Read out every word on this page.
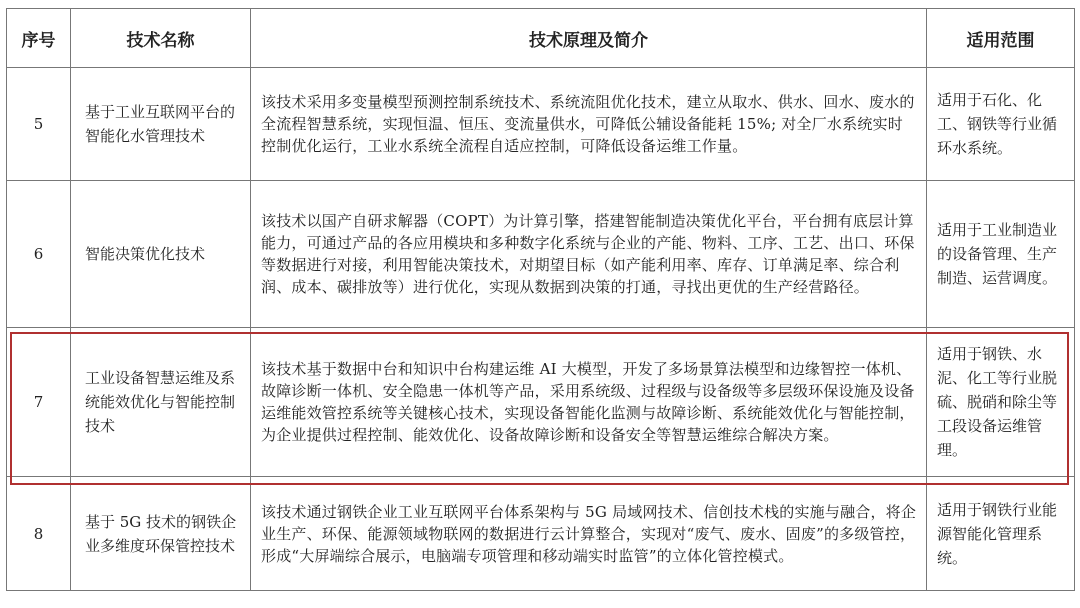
序号	技术名称	技术原理及简介	适用范围
5	基于工业互联网平台的智能化水管理技术	该技术采用多变量模型预测控制系统技术、系统流阻优化技术，建立从取水、供水、回水、废水的全流程智慧系统，实现恒温、恒压、变流量供水，可降低公辅设备能耗 15%; 对全厂水系统实时控制优化运行，工业水系统全流程自适应控制，可降低设备运维工作量。	适用于石化、化工、钢铁等行业循环水系统。
6	智能决策优化技术	该技术以国产自研求解器（COPT）为计算引擎，搭建智能制造决策优化平台，平台拥有底层计算能力，可通过产品的各应用模块和多种数字化系统与企业的产能、物料、工序、工艺、出口、环保等数据进行对接，利用智能决策技术，对期望目标（如产能利用率、库存、订单满足率、综合利润、成本、碳排放等）进行优化，实现从数据到决策的打通，寻找出更优的生产经营路径。	适用于工业制造业的设备管理、生产制造、运营调度。
7	工业设备智慧运维及系统能效优化与智能控制技术	该技术基于数据中台和知识中台构建运维 AI 大模型，开发了多场景算法模型和边缘智控一体机、故障诊断一体机、安全隐患一体机等产品，采用系统级、过程级与设备级等多层级环保设施及设备运维能效管控系统等关键核心技术，实现设备智能化监测与故障诊断、系统能效优化与智能控制，为企业提供过程控制、能效优化、设备故障诊断和设备安全等智慧运维综合解决方案。	适用于钢铁、水泥、化工等行业脱硫、脱硝和除尘等工段设备运维管理。
8	基于 5G 技术的钢铁企业多维度环保管控技术	该技术通过钢铁企业工业互联网平台体系架构与 5G 局域网技术、信创技术栈的实施与融合，将企业生产、环保、能源领域物联网的数据进行云计算整合，实现对“废气、废水、固废”的多级管控，形成“大屏端综合展示，电脑端专项管理和移动端实时监管”的立体化管控模式。	适用于钢铁行业能源智能化管理系统。
